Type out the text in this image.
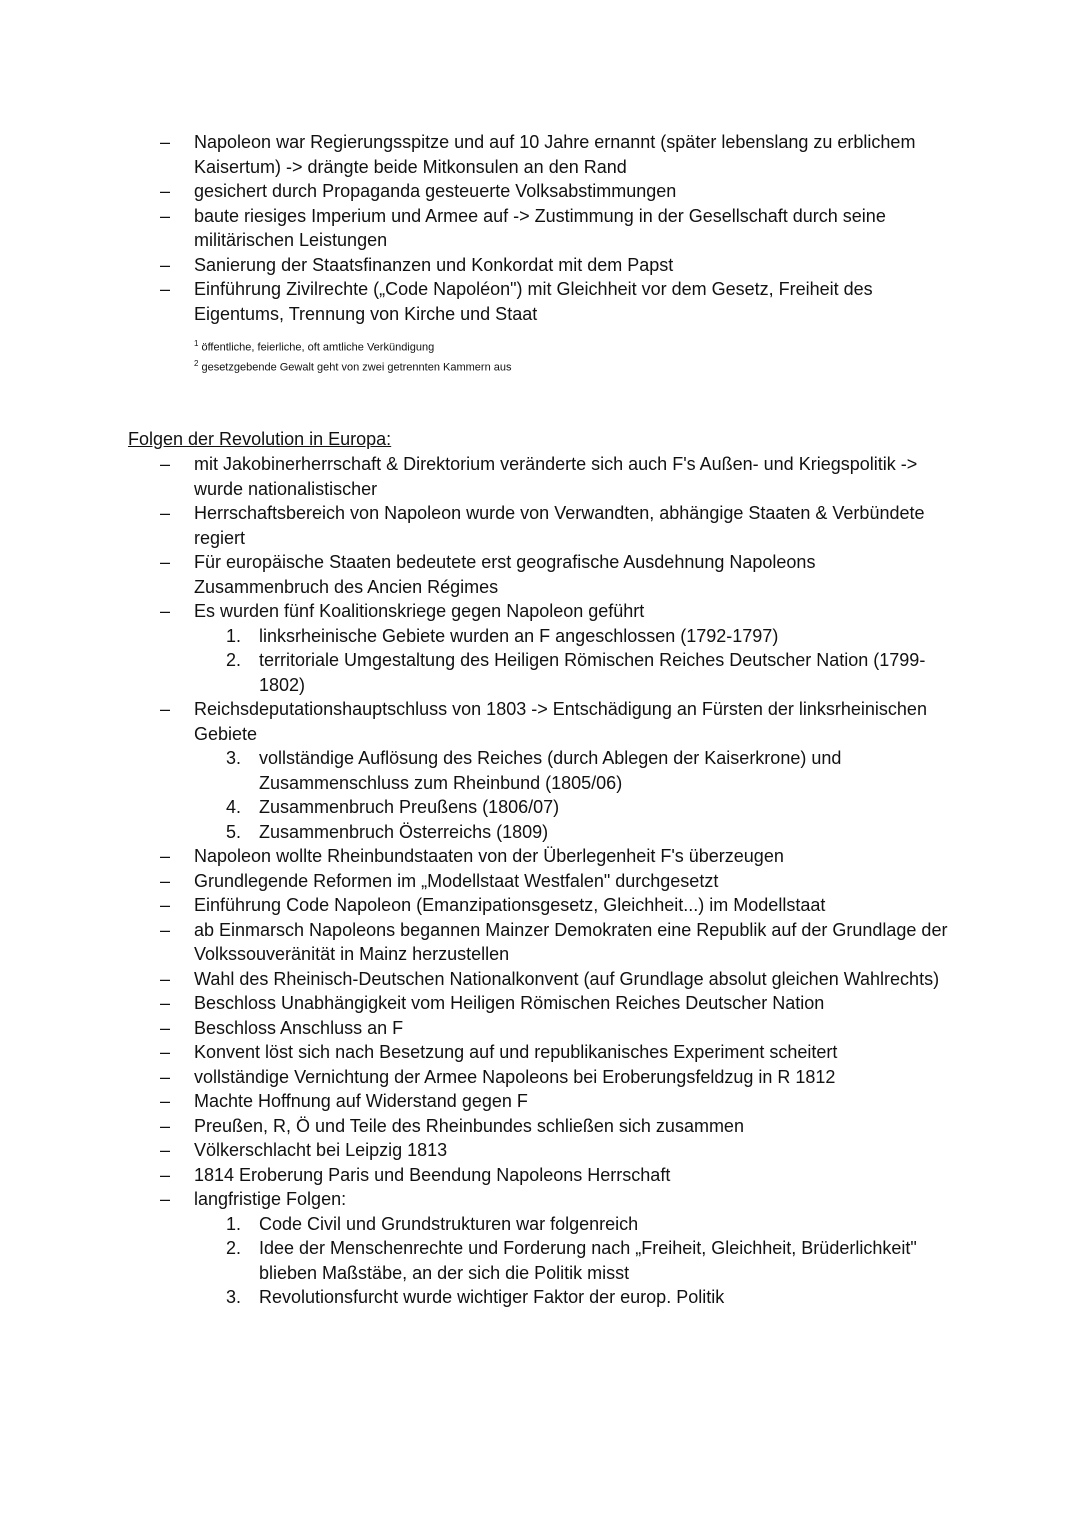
– Napoleon war Regierungsspitze und auf 10 Jahre ernannt (später lebenslang zu erblichem Kaisertum) -> drängte beide Mitkonsulen an den Rand
– gesichert durch Propaganda gesteuerte Volksabstimmungen
– baute riesiges Imperium und Armee auf -> Zustimmung in der Gesellschaft durch seine militärischen Leistungen
– Sanierung der Staatsfinanzen und Konkordat mit dem Papst
– Einführung Zivilrechte („Code Napoléon") mit Gleichheit vor dem Gesetz, Freiheit des Eigentums, Trennung von Kirche und Staat
$^1$ öffentliche, feierliche, oft amtliche Verkündigung
$^2$ gesetzgebende Gewalt geht von zwei getrennten Kammern aus
Folgen der Revolution in Europa:
– mit Jakobinerherrschaft & Direktorium veränderte sich auch F's Außen- und Kriegspolitik -> wurde nationalistischer
– Herrschaftsbereich von Napoleon wurde von Verwandten, abhängige Staaten & Verbündete regiert
– Für europäische Staaten bedeutete erst geografische Ausdehnung Napoleons Zusammenbruch des Ancien Régimes
– Es wurden fünf Koalitionskriege gegen Napoleon geführt
1. linksrheinische Gebiete wurden an F angeschlossen (1792-1797)
2. territoriale Umgestaltung des Heiligen Römischen Reiches Deutscher Nation (1799-1802)
– Reichsdeputationshauptschluss von 1803 -> Entschädigung an Fürsten der linksrheinischen Gebiete
3. vollständige Auflösung des Reiches (durch Ablegen der Kaiserkrone) und Zusammenschluss zum Rheinbund (1805/06)
4. Zusammenbruch Preußens (1806/07)
5. Zusammenbruch Österreichs (1809)
– Napoleon wollte Rheinbundstaaten von der Überlegenheit F's überzeugen
– Grundlegende Reformen im „Modellstaat Westfalen" durchgesetzt
– Einführung Code Napoleon (Emanzipationsgesetz, Gleichheit...) im Modellstaat
– ab Einmarsch Napoleons begannen Mainzer Demokraten eine Republik auf der Grundlage der Volkssouveränität in Mainz herzustellen
– Wahl des Rheinisch-Deutschen Nationalkonvent (auf Grundlage absolut gleichen Wahlrechts)
– Beschloss Unabhängigkeit vom Heiligen Römischen Reiches Deutscher Nation
– Beschloss Anschluss an F
– Konvent löst sich nach Besetzung auf und republikanisches Experiment scheitert
– vollständige Vernichtung der Armee Napoleons bei Eroberungsfeldzug in R 1812
– Machte Hoffnung auf Widerstand gegen F
– Preußen, R, Ö und Teile des Rheinbundes schließen sich zusammen
– Völkerschlacht bei Leipzig 1813
– 1814 Eroberung Paris und Beendung Napoleons Herrschaft
– langfristige Folgen:
1. Code Civil und Grundstrukturen war folgenreich
2. Idee der Menschenrechte und Forderung nach „Freiheit, Gleichheit, Brüderlichkeit" blieben Maßstäbe, an der sich die Politik misst
3. Revolutionsfurcht wurde wichtiger Faktor der europ. Politik
